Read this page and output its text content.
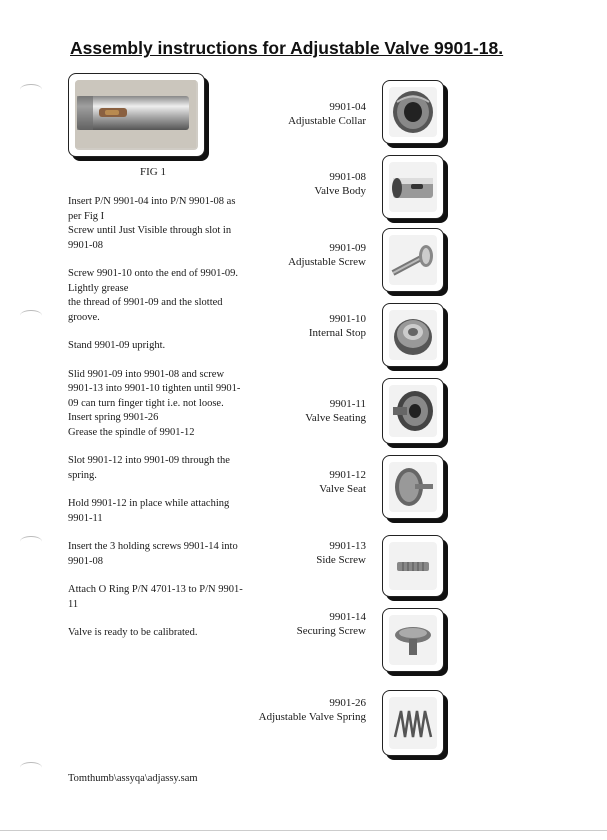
Assembly instructions for Adjustable Valve 9901-18.
FIG 1

Insert P/N 9901-04 into P/N 9901-08 as per Fig I
Screw until Just Visible through slot in 9901-08

Screw 9901-10 onto the end of 9901-09.
Lightly grease
the thread of 9901-09 and the slotted groove.

Stand 9901-09 upright.

Slid 9901-09 into 9901-08 and screw 9901-13 into 9901-10 tighten until 9901-09 can turn finger tight i.e. not loose.
Insert spring 9901-26
Grease the spindle of 9901-12

Slot 9901-12 into 9901-09 through the spring.

Hold 9901-12 in place while attaching 9901-11

Insert the 3 holding screws 9901-14 into 9901-08

Attach O Ring P/N 4701-13 to P/N 9901-11

Valve is ready to be calibrated.

9901-04
Adjustable Collar
9901-08
Valve Body
9901-09
Adjustable Screw
9901-10
Internal Stop
9901-11
Valve Seating
9901-12
Valve Seat
9901-13
Side Screw
9901-14
Securing Screw
9901-26
Adjustable Valve Spring
Tomthumb\assyqa\adjassy.sam
